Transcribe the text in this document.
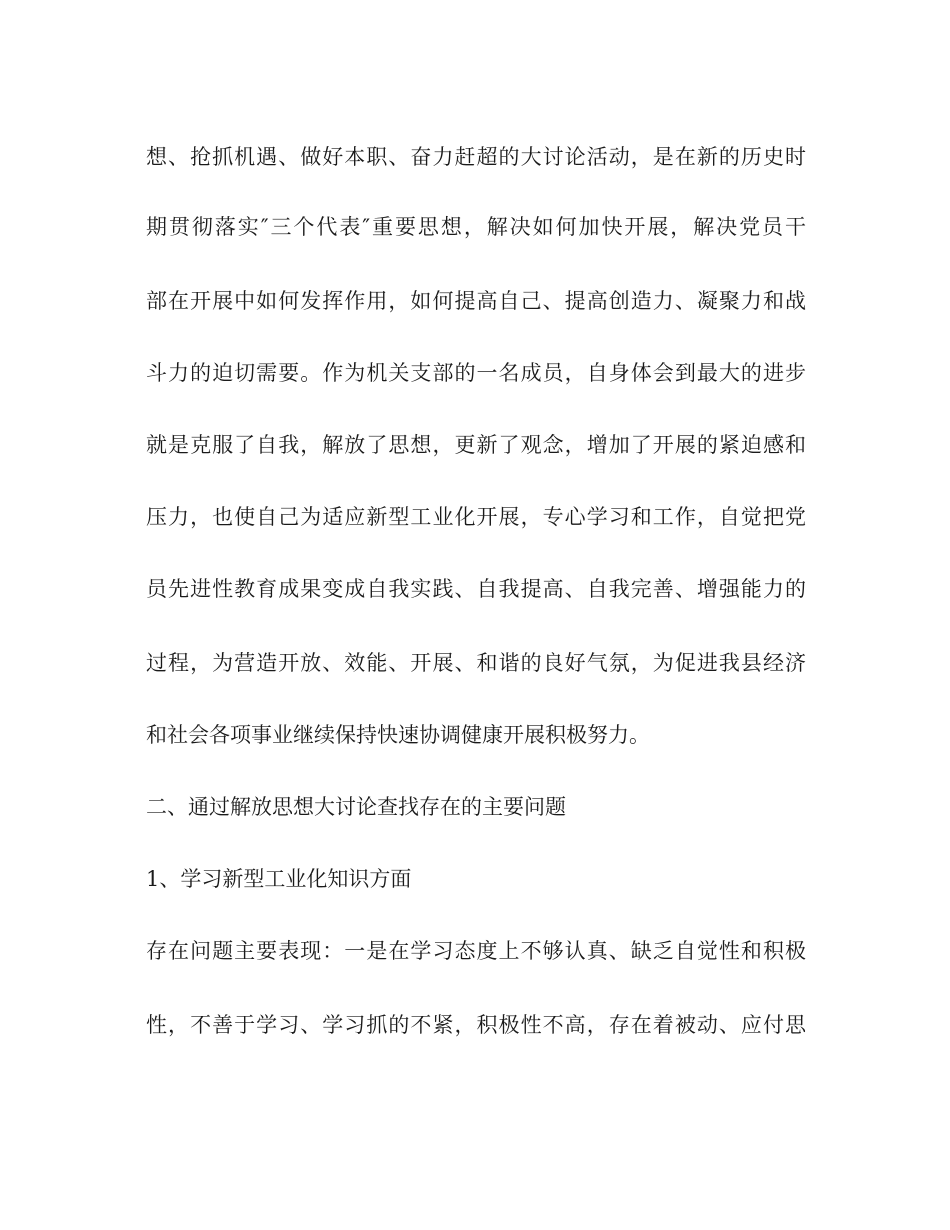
想、抢抓机遇、做好本职、奋力赶超的大讨论活动，是在新的历史时
期贯彻落实″三个代表″重要思想，解决如何加快开展，解决党员干
部在开展中如何发挥作用，如何提高自己、提高创造力、凝聚力和战
斗力的迫切需要。作为机关支部的一名成员，自身体会到最大的进步
就是克服了自我，解放了思想，更新了观念，增加了开展的紧迫感和
压力，也使自己为适应新型工业化开展，专心学习和工作，自觉把党
员先进性教育成果变成自我实践、自我提高、自我完善、增强能力的
过程，为营造开放、效能、开展、和谐的良好气氛，为促进我县经济
和社会各项事业继续保持快速协调健康开展积极努力。
二、通过解放思想大讨论查找存在的主要问题
1、学习新型工业化知识方面
存在问题主要表现：一是在学习态度上不够认真、缺乏自觉性和积极
性，不善于学习、学习抓的不紧，积极性不高，存在着被动、应付思
